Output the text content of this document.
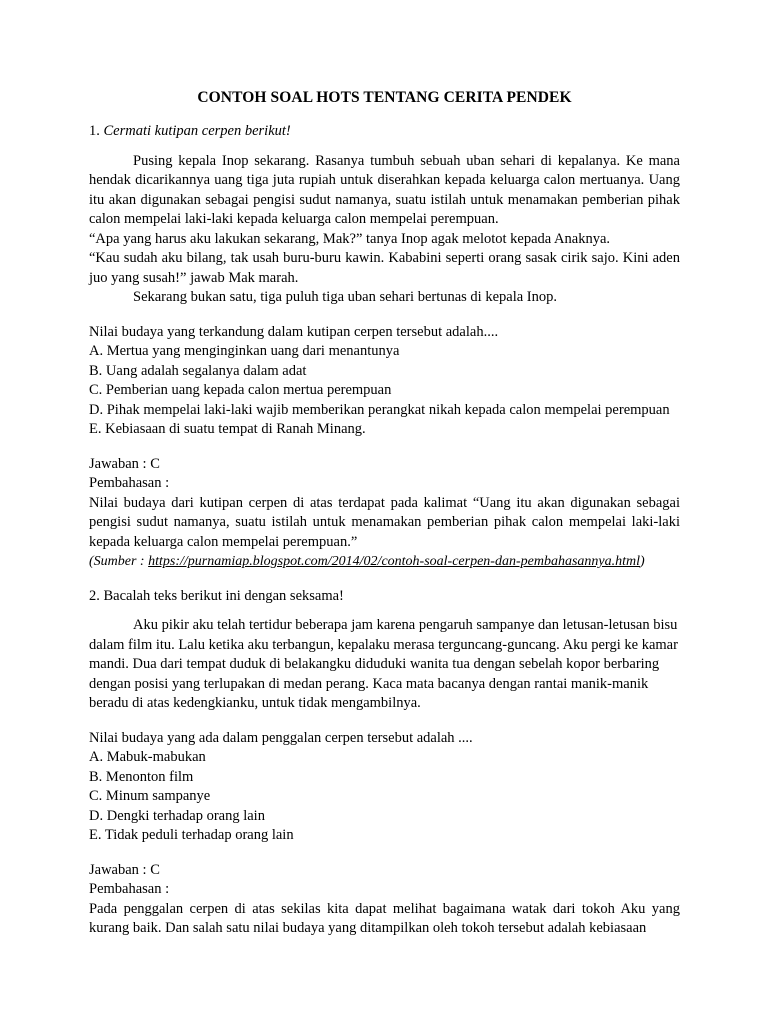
CONTOH SOAL HOTS TENTANG CERITA PENDEK

1. Cermati kutipan cerpen berikut!

Pusing kepala Inop sekarang. Rasanya tumbuh sebuah uban sehari di kepalanya. Ke mana hendak dicarikannya uang tiga juta rupiah untuk diserahkan kepada keluarga calon mertuanya. Uang itu akan digunakan sebagai pengisi sudut namanya, suatu istilah untuk menamakan pemberian pihak calon mempelai laki-laki kepada keluarga calon mempelai perempuan.

“Apa yang harus aku lakukan sekarang, Mak?” tanya Inop agak melotot kepada Anaknya.

“Kau sudah aku bilang, tak usah buru-buru kawin. Kababini seperti orang sasak cirik sajo. Kini aden juo yang susah!” jawab Mak marah.

Sekarang bukan satu, tiga puluh tiga uban sehari bertunas di kepala Inop.

Nilai budaya yang terkandung dalam kutipan cerpen tersebut adalah....

A. Mertua yang menginginkan uang dari menantunya

B. Uang adalah segalanya dalam adat

C. Pemberian uang kepada calon mertua perempuan

D. Pihak mempelai laki-laki wajib memberikan perangkat nikah kepada calon mempelai perempuan

E. Kebiasaan di suatu tempat di Ranah Minang.

Jawaban : C

Pembahasan :

Nilai budaya dari kutipan cerpen di atas terdapat pada kalimat “Uang itu akan digunakan sebagai pengisi sudut namanya, suatu istilah untuk menamakan pemberian pihak calon mempelai laki-laki kepada keluarga calon mempelai perempuan.”

(Sumber : https://purnamiap.blogspot.com/2014/02/contoh-soal-cerpen-dan-pembahasannya.html)

2. Bacalah teks berikut ini dengan seksama!

Aku pikir aku telah tertidur beberapa jam karena pengaruh sampanye dan letusan-letusan bisu dalam film itu. Lalu ketika aku terbangun, kepalaku merasa terguncang-guncang. Aku pergi ke kamar mandi. Dua dari tempat duduk di belakangku diduduki wanita tua dengan sebelah kopor berbaring dengan posisi yang terlupakan di medan perang. Kaca mata bacanya dengan rantai manik-manik beradu di atas kedengkianku, untuk tidak mengambilnya.

Nilai budaya yang ada dalam penggalan cerpen tersebut adalah ....

A. Mabuk-mabukan

B. Menonton film

C. Minum sampanye

D. Dengki terhadap orang lain

E. Tidak peduli terhadap orang lain

Jawaban : C

Pembahasan :

Pada penggalan cerpen di atas sekilas kita dapat melihat bagaimana watak dari tokoh Aku yang kurang baik. Dan salah satu nilai budaya yang ditampilkan oleh tokoh tersebut adalah kebiasaan
